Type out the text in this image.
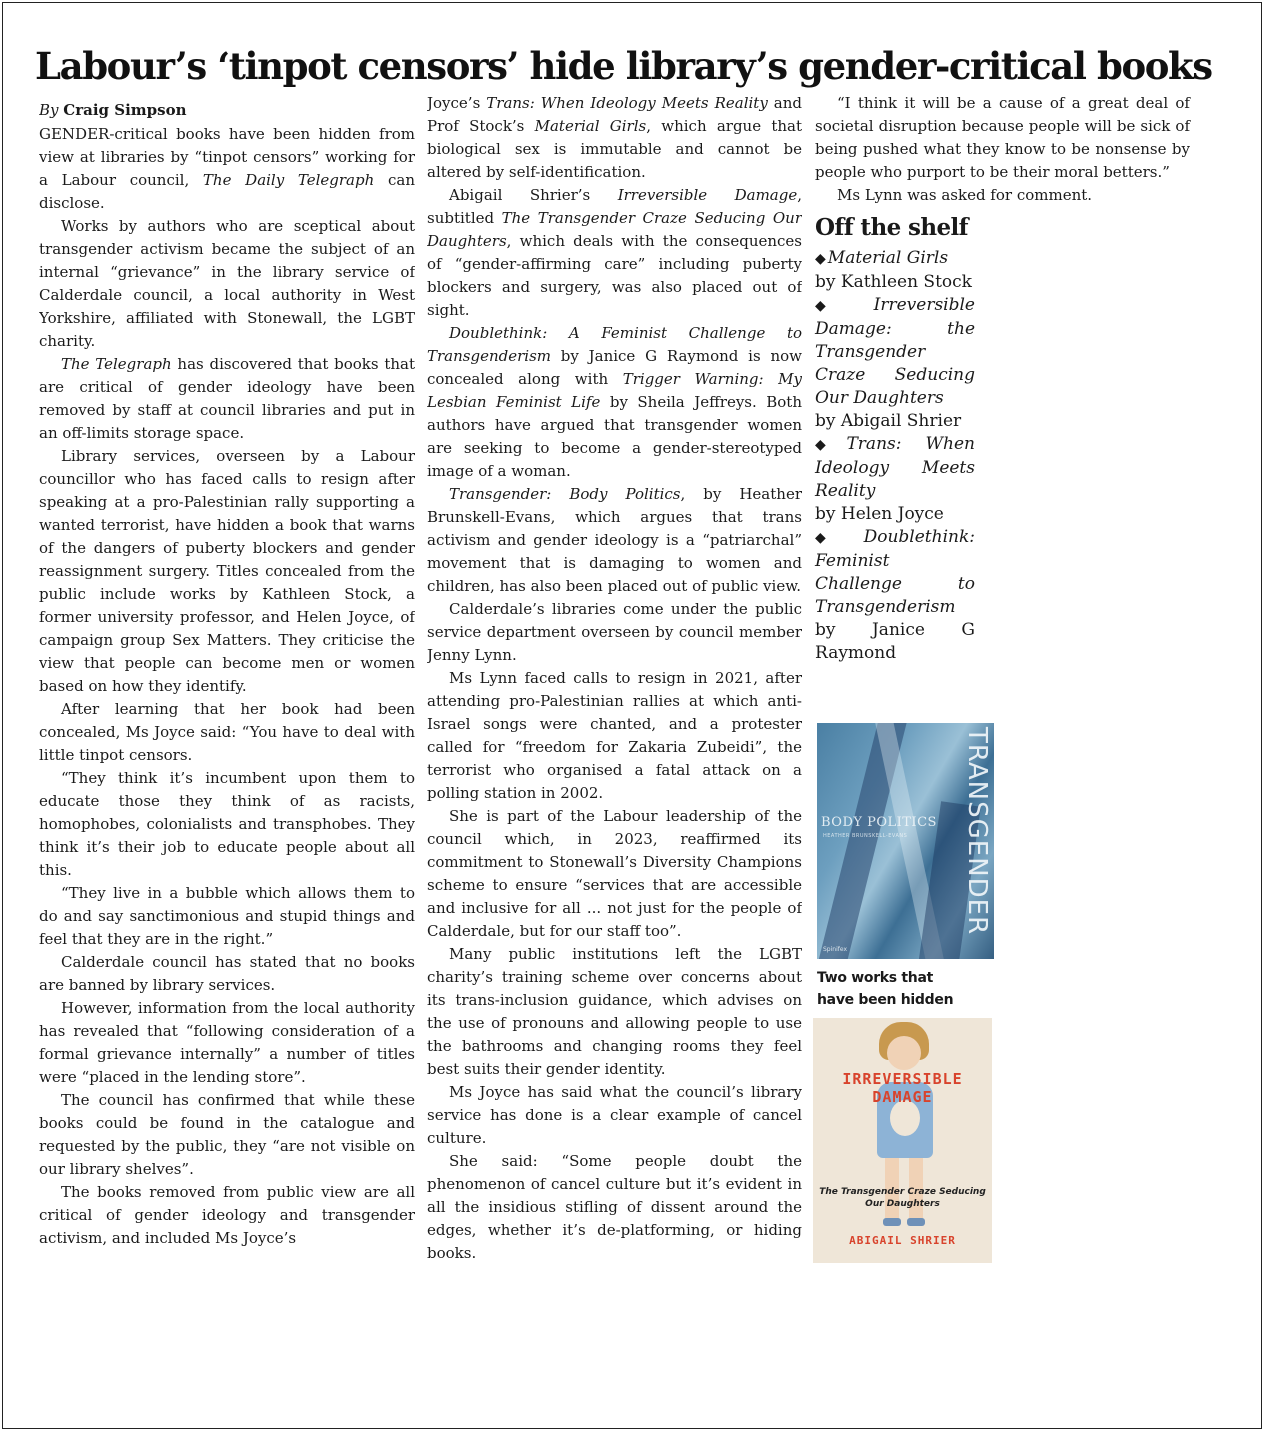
Labour’s ‘tinpot censors’ hide library’s gender-critical books
By Craig Simpson

GENDER-critical books have been hidden from view at libraries by “tinpot censors” working for a Labour council, The Daily Telegraph can disclose.

Works by authors who are sceptical about transgender activism became the subject of an internal “grievance” in the library service of Calderdale council, a local authority in West Yorkshire, affiliated with Stonewall, the LGBT charity.

The Telegraph has discovered that books that are critical of gender ideology have been removed by staff at council libraries and put in an off-limits storage space.

Library services, overseen by a Labour councillor who has faced calls to resign after speaking at a pro-Palestinian rally supporting a wanted terrorist, have hidden a book that warns of the dangers of puberty blockers and gender reassignment surgery. Titles concealed from the public include works by Kathleen Stock, a former university professor, and Helen Joyce, of campaign group Sex Matters. They criticise the view that people can become men or women based on how they identify.

After learning that her book had been concealed, Ms Joyce said: “You have to deal with little tinpot censors.

“They think it’s incumbent upon them to educate those they think of as racists, homophobes, colonialists and transphobes. They think it’s their job to educate people about all this.

“They live in a bubble which allows them to do and say sanctimonious and stupid things and feel that they are in the right.”

Calderdale council has stated that no books are banned by library services.

However, information from the local authority has revealed that “following consideration of a formal grievance internally” a number of titles were “placed in the lending store”.

The council has confirmed that while these books could be found in the catalogue and requested by the public, they “are not visible on our library shelves”.

The books removed from public view are all critical of gender ideology and transgender activism, and included Ms Joyce’s

Joyce’s Trans: When Ideology Meets Reality and Prof Stock’s Material Girls, which argue that biological sex is immutable and cannot be altered by self-identification.

Abigail Shrier’s Irreversible Damage, subtitled The Transgender Craze Seducing Our Daughters, which deals with the consequences of “gender-affirming care” including puberty blockers and surgery, was also placed out of sight.

Doublethink: A Feminist Challenge to Transgenderism by Janice G Raymond is now concealed along with Trigger Warning: My Lesbian Feminist Life by Sheila Jeffreys. Both authors have argued that transgender women are seeking to become a gender-stereotyped image of a woman.

Transgender: Body Politics, by Heather Brunskell-Evans, which argues that trans activism and gender ideology is a “patriarchal” movement that is damaging to women and children, has also been placed out of public view.

Calderdale’s libraries come under the public service department overseen by council member Jenny Lynn.

Ms Lynn faced calls to resign in 2021, after attending pro-Palestinian rallies at which anti-Israel songs were chanted, and a protester called for “freedom for Zakaria Zubeidi”, the terrorist who organised a fatal attack on a polling station in 2002.

She is part of the Labour leadership of the council which, in 2023, reaffirmed its commitment to Stonewall’s Diversity Champions scheme to ensure “services that are accessible and inclusive for all ... not just for the people of Calderdale, but for our staff too”.

Many public institutions left the LGBT charity’s training scheme over concerns about its trans-inclusion guidance, which advises on the use of pronouns and allowing people to use the bathrooms and changing rooms they feel best suits their gender identity.

Ms Joyce has said what the council’s library service has done is a clear example of cancel culture.

She said: “Some people doubt the phenomenon of cancel culture but it’s evident in all the insidious stifling of dissent around the edges, whether it’s de-platforming, or hiding books.

“I think it will be a cause of a great deal of societal disruption because people will be sick of being pushed what they know to be nonsense by people who purport to be their moral betters.”

Ms Lynn was asked for comment.

Off the shelf
◆ Material Girls
by Kathleen Stock
◆ Irreversible Damage: the Transgender Craze Seducing Our Daughters
by Abigail Shrier
◆ Trans: When Ideology Meets Reality
by Helen Joyce
◆ Doublethink: Feminist Challenge to Transgenderism
by Janice G Raymond
TRANSGENDER
BODY POLITICS
HEATHER BRUNSKELL-EVANS
Spinifex
Two works that
have been hidden
IRREVERSIBLE
DAMAGE
The Transgender Craze Seducing Our Daughters
ABIGAIL SHRIER
